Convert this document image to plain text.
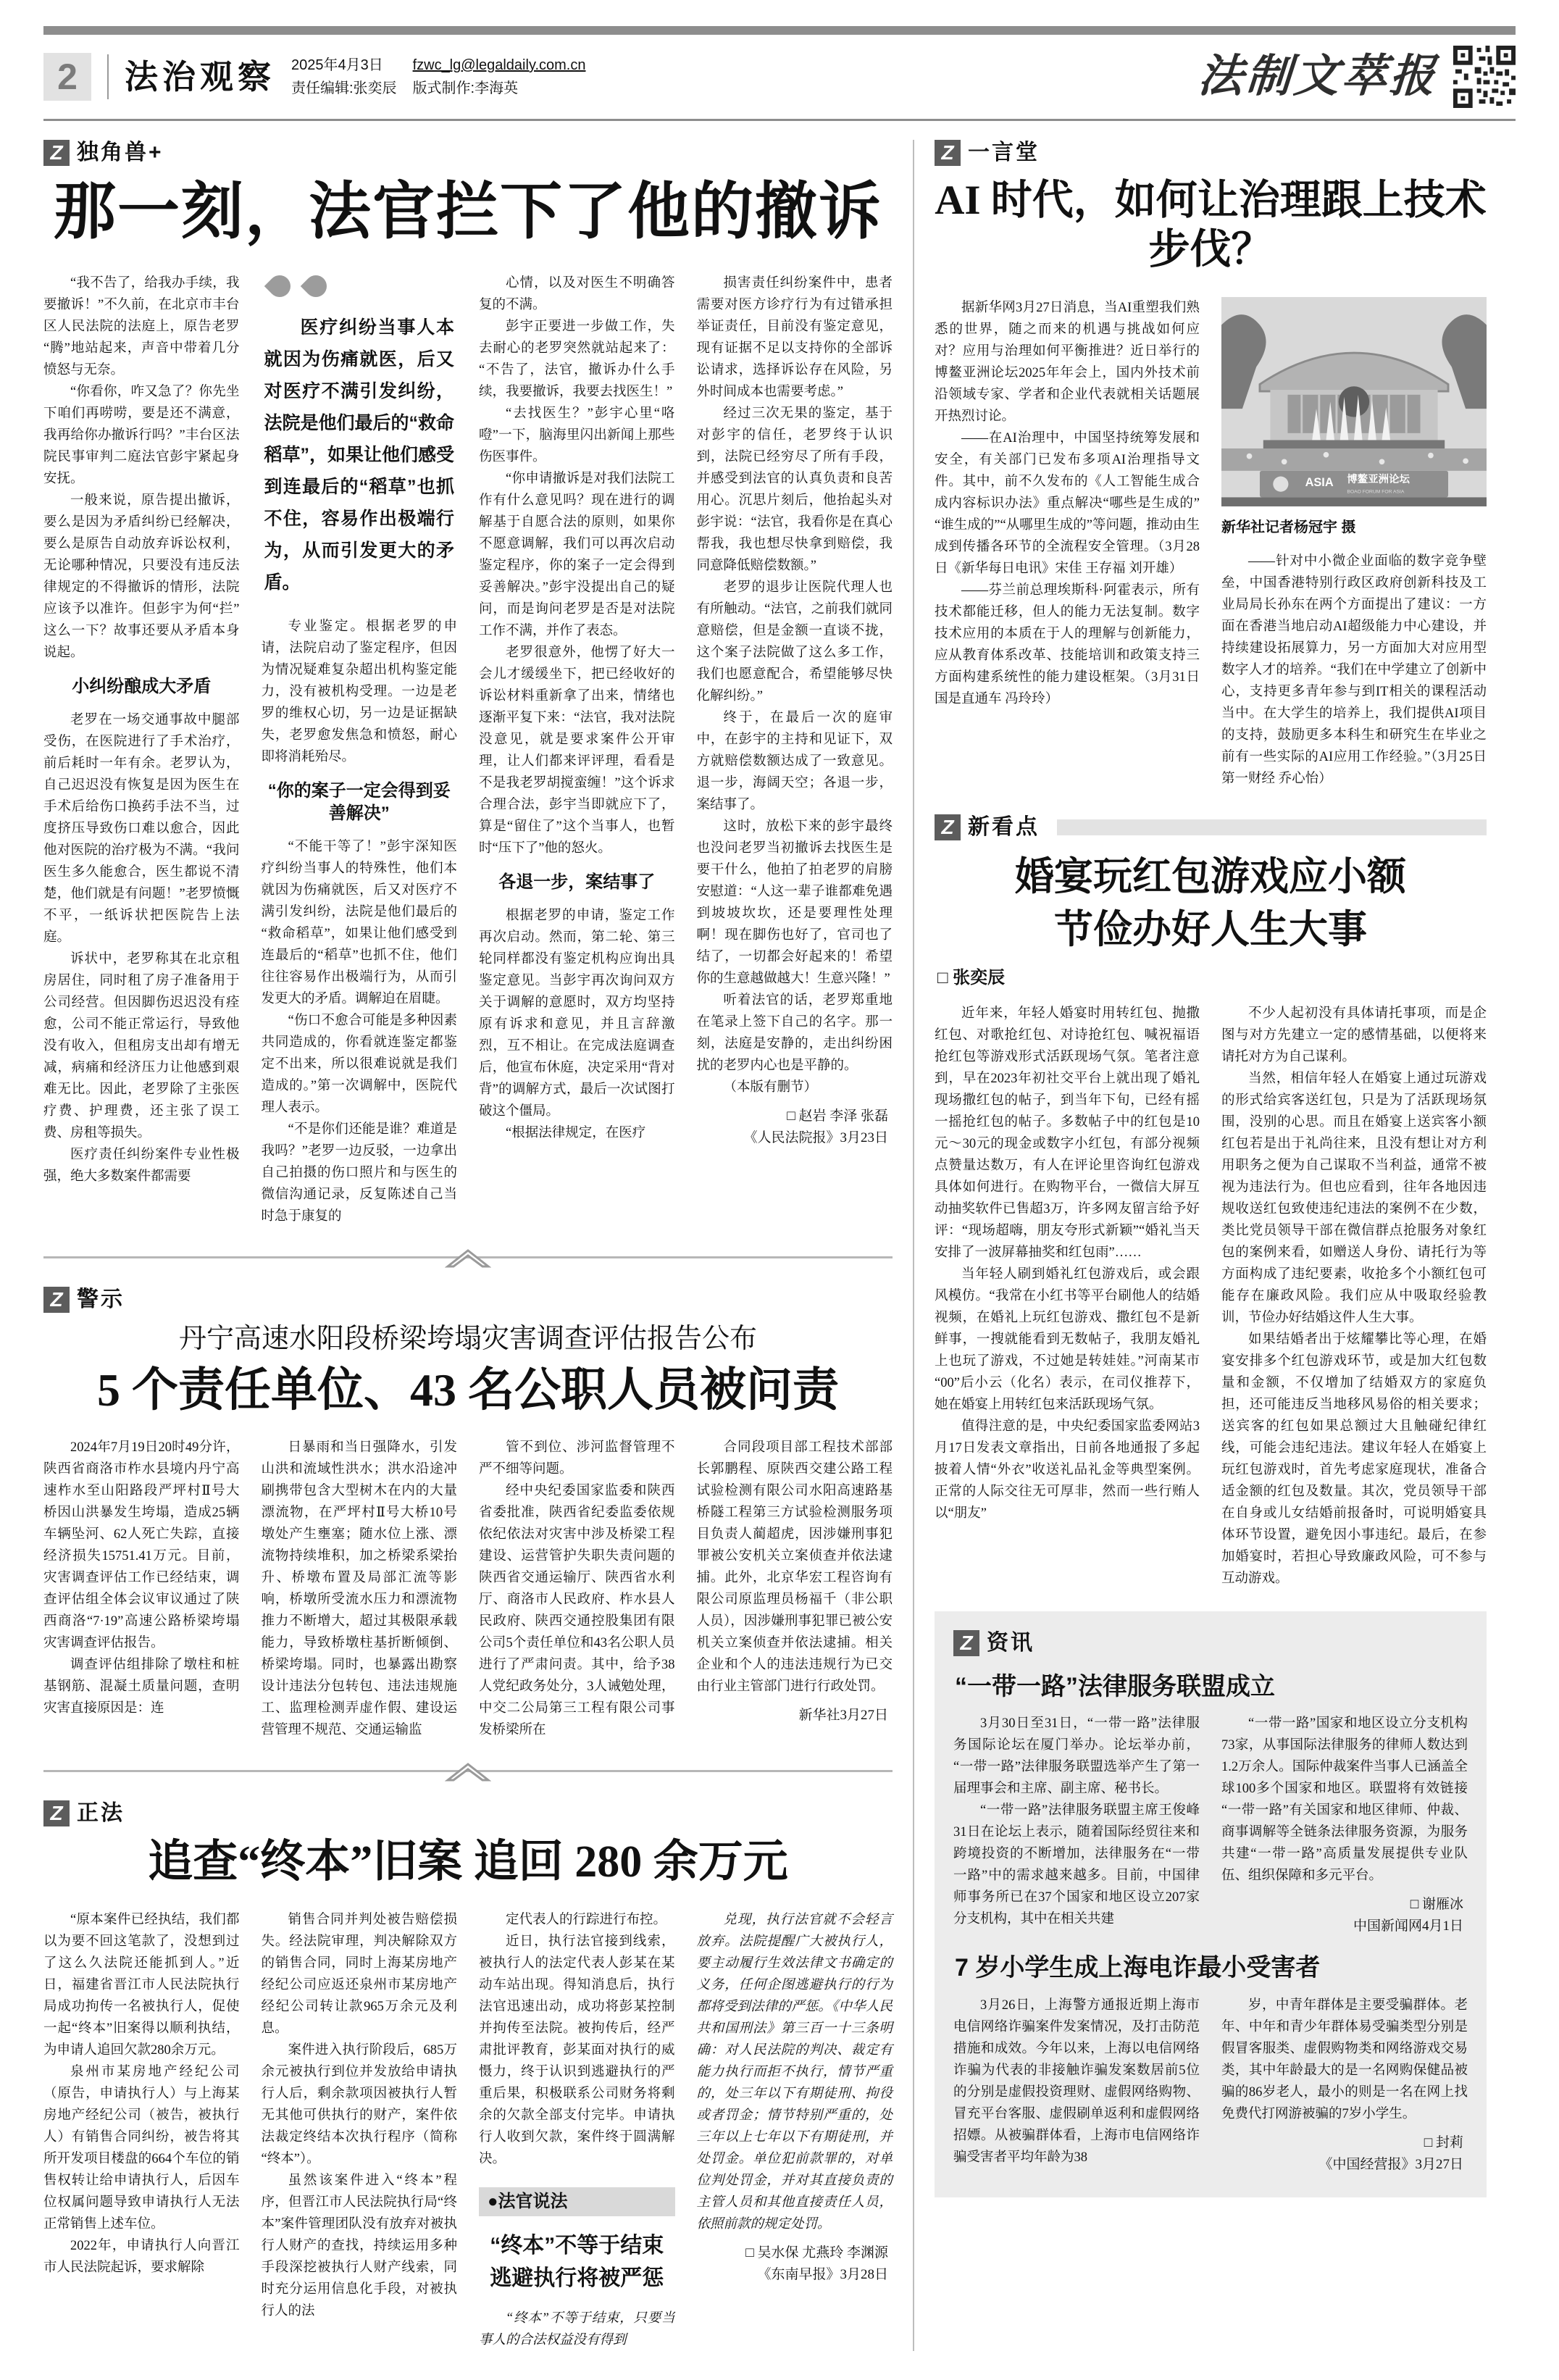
2	法治观察 2025年4月3日
责任编辑:张奕辰
fzwc_lg@legaldaily.com.cn
版式制作:李海英	法制文萃报
Z 独角兽+
那一刻，法官拦下了他的撤诉

“我不告了，给我办手续，我要撤诉！”不久前，在北京市丰台区人民法院的法庭上，原告老罗“腾”地站起来，声音中带着几分愤怒与无奈。

“你看你，咋又急了？你先坐下咱们再唠唠，要是还不满意，我再给你办撤诉行吗？”丰台区法院民事审判二庭法官彭宇紧起身安抚。

一般来说，原告提出撤诉，要么是因为矛盾纠纷已经解决，要么是原告自动放弃诉讼权利，无论哪种情况，只要没有违反法律规定的不得撤诉的情形，法院应该予以准许。但彭宇为何“拦”这么一下？故事还要从矛盾本身说起。

小纠纷酿成大矛盾

老罗在一场交通事故中腿部受伤，在医院进行了手术治疗，前后耗时一年有余。老罗认为，自己迟迟没有恢复是因为医生在手术后给伤口换药手法不当，过度挤压导致伤口难以愈合，因此他对医院的治疗极为不满。“我问医生多久能愈合，医生都说不清楚，他们就是有问题！”老罗愤慨不平，一纸诉状把医院告上法庭。

诉状中，老罗称其在北京租房居住，同时租了房子准备用于公司经营。但因脚伤迟迟没有痊愈，公司不能正常运行，导致他没有收入，但租房支出却有增无减，病痛和经济压力让他感到艰难无比。因此，老罗除了主张医疗费、护理费，还主张了误工费、房租等损失。

医疗责任纠纷案件专业性极强，绝大多数案件都需要

医疗纠纷当事人本就因为伤痛就医，后又对医疗不满引发纠纷，法院是他们最后的“救命稻草”，如果让他们感受到连最后的“稻草”也抓不住，容易作出极端行为，从而引发更大的矛盾。

专业鉴定。根据老罗的申请，法院启动了鉴定程序，但因为情况疑难复杂超出机构鉴定能力，没有被机构受理。一边是老罗的维权心切，另一边是证据缺失，老罗愈发焦急和愤怒，耐心即将消耗殆尽。

“你的案子一定会得到妥善解决”

“不能干等了！”彭宇深知医疗纠纷当事人的特殊性，他们本就因为伤痛就医，后又对医疗不满引发纠纷，法院是他们最后的“救命稻草”，如果让他们感受到连最后的“稻草”也抓不住，他们往往容易作出极端行为，从而引发更大的矛盾。调解迫在眉睫。

“伤口不愈合可能是多种因素共同造成的，你看就连鉴定都鉴定不出来，所以很难说就是我们造成的。”第一次调解中，医院代理人表示。

“不是你们还能是谁？难道是我吗？”老罗一边反驳，一边拿出自己拍摄的伤口照片和与医生的微信沟通记录，反复陈述自己当时急于康复的

心情，以及对医生不明确答复的不满。

彭宇正要进一步做工作，失去耐心的老罗突然就站起来了：“不告了，法官，撤诉办什么手续，我要撤诉，我要去找医生！”

“去找医生？”彭宇心里“咯噔”一下，脑海里闪出新闻上那些伤医事件。

“你申请撤诉是对我们法院工作有什么意见吗？现在进行的调解基于自愿合法的原则，如果你不愿意调解，我们可以再次启动鉴定程序，你的案子一定会得到妥善解决。”彭宇没提出自己的疑问，而是询问老罗是否是对法院工作不满，并作了表态。

老罗很意外，他愣了好大一会儿才缓缓坐下，把已经收好的诉讼材料重新拿了出来，情绪也逐渐平复下来：“法官，我对法院没意见，就是要求案件公开审理，让人们都来评评理，看看是不是我老罗胡搅蛮缠！”这个诉求合理合法，彭宇当即就应下了，算是“留住了”这个当事人，也暂时“压下了”他的怒火。

各退一步，案结事了

根据老罗的申请，鉴定工作再次启动。然而，第二轮、第三轮同样都没有鉴定机构应询出具鉴定意见。当彭宇再次询问双方关于调解的意愿时，双方均坚持原有诉求和意见，并且言辞激烈，互不相让。在完成法庭调查后，他宣布休庭，决定采用“背对背”的调解方式，最后一次试图打破这个僵局。

“根据法律规定，在医疗

损害责任纠纷案件中，患者需要对医方诊疗行为有过错承担举证责任，目前没有鉴定意见，现有证据不足以支持你的全部诉讼请求，选择诉讼存在风险，另外时间成本也需要考虑。”

经过三次无果的鉴定，基于对彭宇的信任，老罗终于认识到，法院已经穷尽了所有手段，并感受到法官的认真负责和良苦用心。沉思片刻后，他抬起头对彭宇说：“法官，我看你是在真心帮我，我也想尽快拿到赔偿，我同意降低赔偿数额。”

老罗的退步让医院代理人也有所触动。“法官，之前我们就同意赔偿，但是金额一直谈不拢，这个案子法院做了这么多工作，我们也愿意配合，希望能够尽快化解纠纷。”

终于，在最后一次的庭审中，在彭宇的主持和见证下，双方就赔偿数额达成了一致意见。退一步，海阔天空；各退一步，案结事了。

这时，放松下来的彭宇最终也没问老罗当初撤诉去找医生是要干什么，他拍了拍老罗的肩膀安慰道：“人这一辈子谁都难免遇到坡坡坎坎，还是要理性处理啊！现在脚伤也好了，官司也了结了，一切都会好起来的！希望你的生意越做越大！生意兴隆！”

听着法官的话，老罗郑重地在笔录上签下自己的名字。那一刻，法庭是安静的，走出纠纷困扰的老罗内心也是平静的。

（本版有删节）

□ 赵岩 李泽 张磊
《人民法院报》3月23日
Z 警示
丹宁高速水阳段桥梁垮塌灾害调查评估报告公布
5 个责任单位、43 名公职人员被问责

2024年7月19日20时49分许，陕西省商洛市柞水县境内丹宁高速柞水至山阳路段严坪村Ⅱ号大桥因山洪暴发生垮塌，造成25辆车辆坠河、62人死亡失踪，直接经济损失15751.41万元。目前，灾害调查评估工作已经结束，调查评估组全体会议审议通过了陕西商洛“7·19”高速公路桥梁垮塌灾害调查评估报告。

调查评估组排除了墩柱和桩基钢筋、混凝土质量问题，查明灾害直接原因是：连

日暴雨和当日强降水，引发山洪和流域性洪水；洪水沿途冲刷携带包含大型树木在内的大量漂流物，在严坪村Ⅱ号大桥10号墩处产生壅塞；随水位上涨、漂流物持续堆积，加之桥梁系梁抬升、桥墩布置及局部汇流等影响，桥墩所受流水压力和漂流物推力不断增大，超过其极限承载能力，导致桥墩柱基折断倾倒、桥梁垮塌。同时，也暴露出勘察设计违法分包转包、违法违规施工、监理检测弄虚作假、建设运营管理不规范、交通运输监

管不到位、涉河监督管理不严不细等问题。

经中央纪委国家监委和陕西省委批准，陕西省纪委监委依规依纪依法对灾害中涉及桥梁工程建设、运营管护失职失责问题的陕西省交通运输厅、陕西省水利厅、商洛市人民政府、柞水县人民政府、陕西交通控股集团有限公司5个责任单位和43名公职人员进行了严肃问责。其中，给予38人党纪政务处分，3人诫勉处理，中交二公局第三工程有限公司事发桥梁所在

合同段项目部工程技术部部长郭鹏程、原陕西交建公路工程试验检测有限公司水阳高速路基桥隧工程第三方试验检测服务项目负责人蔺超虎，因涉嫌刑事犯罪被公安机关立案侦查并依法逮捕。此外，北京华宏工程咨询有限公司原监理员杨福千（非公职人员），因涉嫌刑事犯罪已被公安机关立案侦查并依法逮捕。相关企业和个人的违法违规行为已交由行业主管部门进行行政处罚。

新华社3月27日
Z 正法
追查“终本”旧案 追回 280 余万元

“原本案件已经执结，我们都以为要不回这笔款了，没想到过了这么久法院还能抓到人。”近日，福建省晋江市人民法院执行局成功拘传一名被执行人，促使一起“终本”旧案得以顺利执结，为申请人追回欠款280余万元。

泉州市某房地产经纪公司（原告，申请执行人）与上海某房地产经纪公司（被告，被执行人）有销售合同纠纷，被告将其所开发项目楼盘的664个车位的销售权转让给申请执行人，后因车位权属问题导致申请执行人无法正常销售上述车位。

2022年，申请执行人向晋江市人民法院起诉，要求解除

销售合同并判处被告赔偿损失。经法院审理，判决解除双方的销售合同，同时上海某房地产经纪公司应返还泉州市某房地产经纪公司转让款965万余元及利息。

案件进入执行阶段后，685万余元被执行到位并发放给申请执行人后，剩余款项因被执行人暂无其他可供执行的财产，案件依法裁定终结本次执行程序（简称“终本”）。

虽然该案件进入“终本”程序，但晋江市人民法院执行局“终本”案件管理团队没有放弃对被执行人财产的查找，持续运用多种手段深挖被执行人财产线索，同时充分运用信息化手段，对被执行人的法

定代表人的行踪进行布控。

近日，执行法官接到线索，被执行人的法定代表人彭某在某动车站出现。得知消息后，执行法官迅速出动，成功将彭某控制并拘传至法院。被拘传后，经严肃批评教育，彭某面对执行的威慑力，终于认识到逃避执行的严重后果，积极联系公司财务将剩余的欠款全部支付完毕。申请执行人收到欠款，案件终于圆满解决。

●法官说法
“终本”不等于结束
逃避执行将被严惩

“终本”不等于结束，只要当事人的合法权益没有得到

兑现，执行法官就不会轻言放弃。法院提醒广大被执行人，要主动履行生效法律文书确定的义务，任何企图逃避执行的行为都将受到法律的严惩。《中华人民共和国刑法》第三百一十三条明确：对人民法院的判决、裁定有能力执行而拒不执行，情节严重的，处三年以下有期徒刑、拘役或者罚金；情节特别严重的，处三年以上七年以下有期徒刑，并处罚金。单位犯前款罪的，对单位判处罚金，并对其直接负责的主管人员和其他直接责任人员，依照前款的规定处罚。

□ 吴水保 尤燕玲 李渊源
《东南早报》3月28日
Z 一言堂
AI 时代，如何让治理跟上技术步伐？

据新华网3月27日消息，当AI重塑我们熟悉的世界，随之而来的机遇与挑战如何应对？应用与治理如何平衡推进？近日举行的博鳌亚洲论坛2025年年会上，国内外技术前沿领域专家、学者和企业代表就相关话题展开热烈讨论。

——在AI治理中，中国坚持统筹发展和安全，有关部门已发布多项AI治理指导文件。其中，前不久发布的《人工智能生成合成内容标识办法》重点解决“哪些是生成的”“谁生成的”“从哪里生成的”等问题，推动由生成到传播各环节的全流程安全管理。（3月28日《新华每日电讯》宋佳 王存福 刘开雄）

——芬兰前总理埃斯科·阿霍表示，所有技术都能迁移，但人的能力无法复制。数字技术应用的本质在于人的理解与创新能力，应从教育体系改革、技能培训和政策支持三方面构建系统性的能力建设框架。（3月31日 国是直通车 冯玲玲）

ASIA 博鳌亚洲论坛
BOAO FORUM FOR ASIA
新华社记者杨冠宇 摄

——针对中小微企业面临的数字竞争壁垒，中国香港特别行政区政府创新科技及工业局局长孙东在两个方面提出了建议：一方面在香港当地启动AI超级能力中心建设，并持续建设拓展算力，另一方面加大对应用型数字人才的培养。“我们在中学建立了创新中心，支持更多青年参与到IT相关的课程活动当中。在大学生的培养上，我们提供AI项目的支持，鼓励更多本科生和研究生在毕业之前有一些实际的AI应用工作经验。”（3月25日 第一财经 乔心怡）

Z 新看点
婚宴玩红包游戏应小额
节俭办好人生大事
□ 张奕辰

近年来，年轻人婚宴时用转红包、抛撒红包、对歌抢红包、对诗抢红包、喊祝福语抢红包等游戏形式活跃现场气氛。笔者注意到，早在2023年初社交平台上就出现了婚礼现场撒红包的帖子，到当年下旬，已经有摇一摇抢红包的帖子。多数帖子中的红包是10元～30元的现金或数字小红包，有部分视频点赞量达数万，有人在评论里咨询红包游戏具体如何进行。在购物平台，一微信大屏互动抽奖软件已售超3万，许多网友留言给予好评：“现场超嗨，朋友夸形式新颖”“婚礼当天安排了一波屏幕抽奖和红包雨”……

当年轻人刷到婚礼红包游戏后，或会跟风模仿。“我常在小红书等平台刷他人的结婚视频，在婚礼上玩红包游戏、撒红包不是新鲜事，一搜就能看到无数帖子，我朋友婚礼上也玩了游戏，不过她是转娃娃。”河南某市“00”后小云（化名）表示，在司仪推荐下，她在婚宴上用转红包来活跃现场气氛。

值得注意的是，中央纪委国家监委网站3月17日发表文章指出，日前各地通报了多起披着人情“外衣”收送礼品礼金等典型案例。正常的人际交往无可厚非，然而一些行贿人以“朋友”

不少人起初没有具体请托事项，而是企图与对方先建立一定的感情基础，以便将来请托对方为自己谋利。

当然，相信年轻人在婚宴上通过玩游戏的形式给宾客送红包，只是为了活跃现场氛围，没别的心思。而且在婚宴上送宾客小额红包若是出于礼尚往来，且没有想让对方利用职务之便为自己谋取不当利益，通常不被视为违法行为。但也应看到，往年各地因违规收送红包致使违纪违法的案例不在少数，类比党员领导干部在微信群点抢服务对象红包的案例来看，如赠送人身份、请托行为等方面构成了违纪要素，收抢多个小额红包可能存在廉政风险。我们应从中吸取经验教训，节俭办好结婚这件人生大事。

如果结婚者出于炫耀攀比等心理，在婚宴安排多个红包游戏环节，或是加大红包数量和金额，不仅增加了结婚双方的家庭负担，还可能违反当地移风易俗的相关要求；送宾客的红包如果总额过大且触碰纪律红线，可能会违纪违法。建议年轻人在婚宴上玩红包游戏时，首先考虑家庭现状，准备合适金额的红包及数量。其次，党员领导干部在自身或儿女结婚前报备时，可说明婚宴具体环节设置，避免因小事违纪。最后，在参加婚宴时，若担心导致廉政风险，可不参与互动游戏。

Z 资讯
“一带一路”法律服务联盟成立

3月30日至31日，“一带一路”法律服务国际论坛在厦门举办。论坛举办前，“一带一路”法律服务联盟选举产生了第一届理事会和主席、副主席、秘书长。

“一带一路”法律服务联盟主席王俊峰31日在论坛上表示，随着国际经贸往来和跨境投资的不断增加，法律服务在“一带一路”中的需求越来越多。目前，中国律师事务所已在37个国家和地区设立207家分支机构，其中在相关共建

“一带一路”国家和地区设立分支机构73家，从事国际法律服务的律师人数达到1.2万余人。国际仲裁案件当事人已涵盖全球100多个国家和地区。联盟将有效链接“一带一路”有关国家和地区律师、仲裁、商事调解等全链条法律服务资源，为服务共建“一带一路”高质量发展提供专业队伍、组织保障和多元平台。

□ 谢雁冰
中国新闻网4月1日
7 岁小学生成上海电诈最小受害者

3月26日，上海警方通报近期上海市电信网络诈骗案件发案情况，及打击防范措施和成效。今年以来，上海以电信网络诈骗为代表的非接触诈骗发案数居前5位的分别是虚假投资理财、虚假网络购物、冒充平台客服、虚假刷单返利和虚假网络招嫖。从被骗群体看，上海市电信网络诈骗受害者平均年龄为38

岁，中青年群体是主要受骗群体。老年、中年和青少年群体易受骗类型分别是假冒客服类、虚假购物类和网络游戏交易类，其中年龄最大的是一名网购保健品被骗的86岁老人，最小的则是一名在网上找免费代打网游被骗的7岁小学生。

□ 封莉
《中国经营报》3月27日
